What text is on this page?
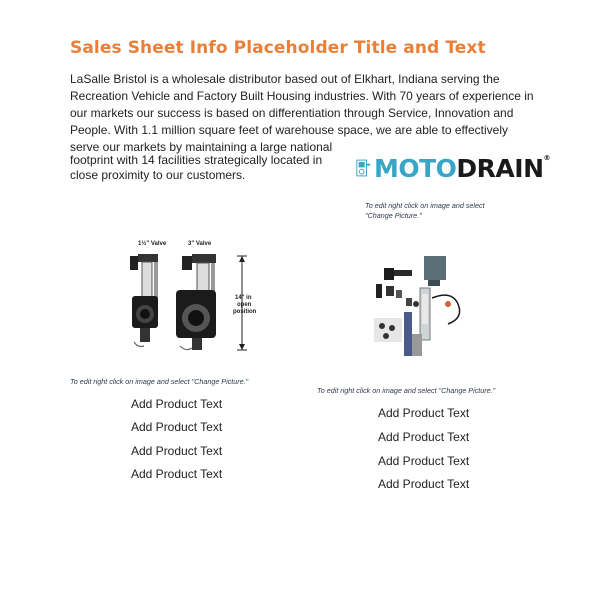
Sales Sheet Info Placeholder Title and Text
LaSalle Bristol is a wholesale distributor based out of Elkhart, Indiana serving the
Recreation Vehicle and Factory Built Housing industries. With 70 years of experience in
our markets our success is based on differentiation through Service, Innovation and
People. With 1.1 million square feet of warehouse space, we are able to effectively
serve our markets by maintaining a large national
footprint with 14 facilities strategically located in
close proximity to our customers.	MOTODRAIN®
To edit right click on image and select
"Change Picture."
1½" Valve	3" Valve
14" in
open
position
To edit right click on image and select "Change Picture."
To edit right click on image and select "Change Picture."
Add Product Text
Add Product Text
Add Product Text
Add Product Text
Add Product Text
Add Product Text
Add Product Text
Add Product Text
